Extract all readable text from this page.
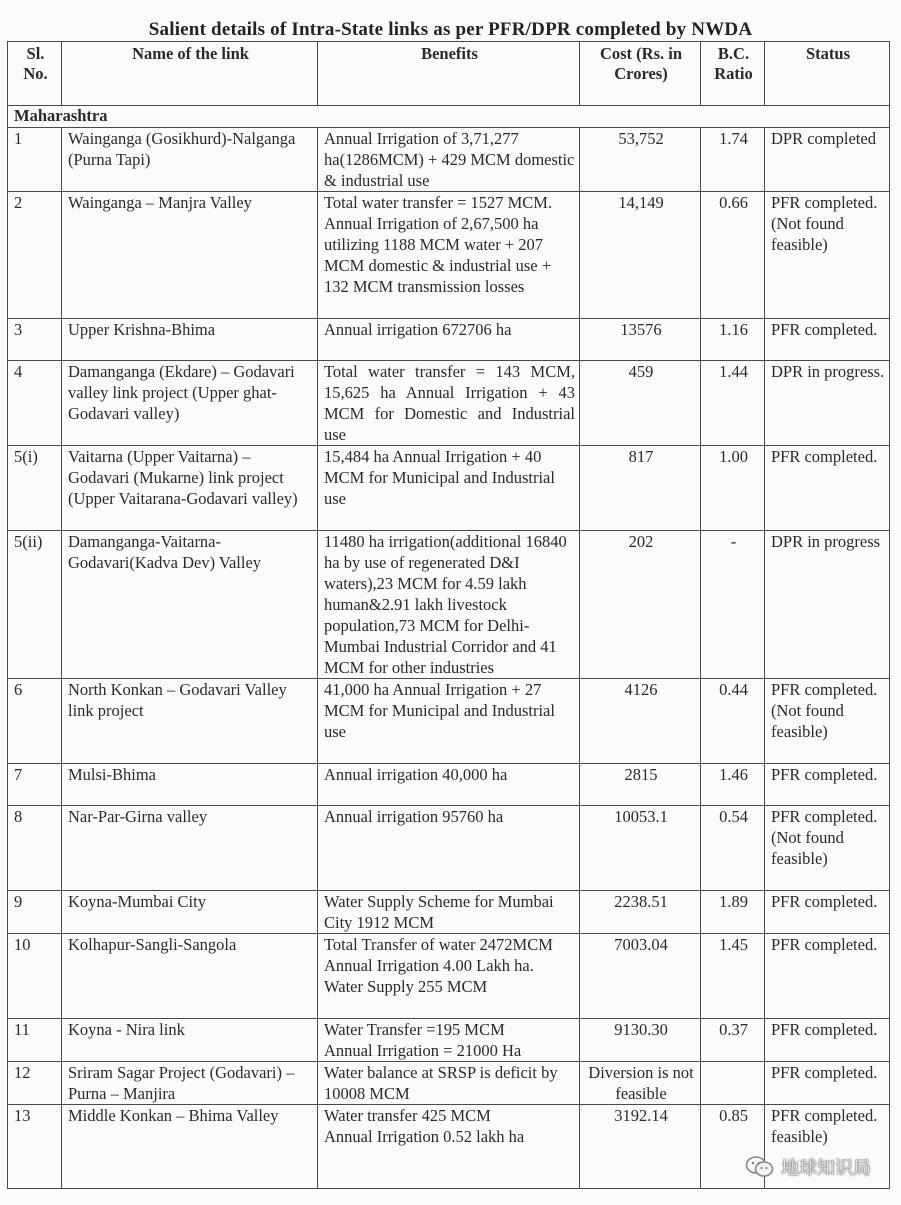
Salient details of Intra-State links as per PFR/DPR completed by NWDA
Sl. No.	Name of the link	Benefits	Cost (Rs. in Crores)	B.C. Ratio	Status
Maharashtra					
1	Wainganga (Gosikhurd)-Nalganga (Purna Tapi)	Annual Irrigation of 3,71,277 ha(1286MCM) + 429 MCM domestic & industrial use	53,752	1.74	DPR completed
2	Wainganga – Manjra Valley	Total water transfer = 1527 MCM. Annual Irrigation of 2,67,500 ha utilizing 1188 MCM water + 207 MCM domestic & industrial use + 132 MCM transmission losses	14,149	0.66	PFR completed. (Not found feasible)
3	Upper Krishna-Bhima	Annual irrigation 672706 ha	13576	1.16	PFR completed.
4	Damanganga (Ekdare) – Godavari valley link project (Upper ghat-Godavari valley)	Total water transfer = 143 MCM, 15,625 ha Annual Irrigation + 43 MCM for Domestic and Industrial use	459	1.44	DPR in progress.
5(i)	Vaitarna (Upper Vaitarna) – Godavari (Mukarne) link project (Upper Vaitarana-Godavari valley)	15,484 ha Annual Irrigation + 40 MCM for Municipal and Industrial use	817	1.00	PFR completed.
5(ii)	Damanganga-Vaitarna-Godavari(Kadva Dev) Valley	11480 ha irrigation(additional 16840 ha by use of regenerated D&I waters),23 MCM for 4.59 lakh human&2.91 lakh livestock population,73 MCM for Delhi-Mumbai Industrial Corridor and 41 MCM for other industries	202	-	DPR in progress
6	North Konkan – Godavari Valley link project	41,000 ha Annual Irrigation + 27 MCM for Municipal and Industrial use	4126	0.44	PFR completed. (Not found feasible)
7	Mulsi-Bhima	Annual irrigation 40,000 ha	2815	1.46	PFR completed.
8	Nar-Par-Girna valley	Annual irrigation 95760 ha	10053.1	0.54	PFR completed. (Not found feasible)
9	Koyna-Mumbai City	Water Supply Scheme for Mumbai City 1912 MCM	2238.51	1.89	PFR completed.
10	Kolhapur-Sangli-Sangola	Total Transfer of water 2472MCM
Annual Irrigation 4.00 Lakh ha.
Water Supply 255 MCM	7003.04	1.45	PFR completed.
11	Koyna - Nira link	Water Transfer =195 MCM
Annual Irrigation = 21000 Ha	9130.30	0.37	PFR completed.
12	Sriram Sagar Project (Godavari) – Purna – Manjira	Water balance at SRSP is deficit by 10008 MCM	Diversion is not feasible		PFR completed.
13	Middle Konkan – Bhima Valley	Water transfer 425 MCM
Annual Irrigation 0.52 lakh ha	3192.14	0.85	PFR completed. feasible)
地球知识局
